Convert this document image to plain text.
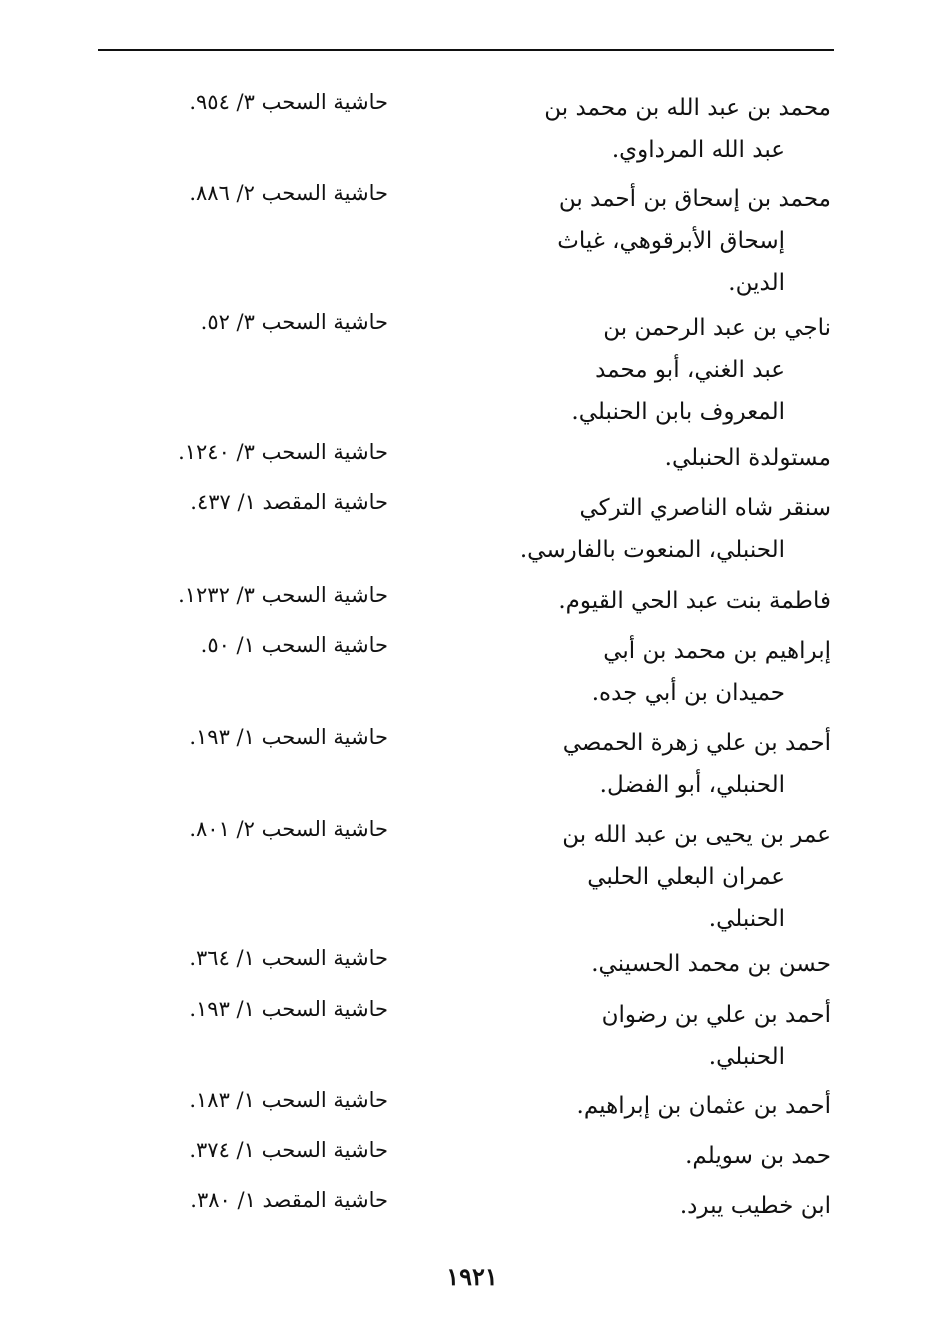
محمد بن عبد الله بن محمد بن
عبد الله المرداوي.
حاشية السحب ٣/ ٩٥٤.
محمد بن إسحاق بن أحمد بن
إسحاق الأبرقوهي، غياث
الدين.
حاشية السحب ٢/ ٨٨٦.
ناجي بن عبد الرحمن بن
عبد الغني، أبو محمد
المعروف بابن الحنبلي.
حاشية السحب ٣/ ٥٢.
مستولدة الحنبلي.
حاشية السحب ٣/ ١٢٤٠.
سنقر شاه الناصري التركي
الحنبلي، المنعوت بالفارسي.
حاشية المقصد ١/ ٤٣٧.
فاطمة بنت عبد الحي القيوم.
حاشية السحب ٣/ ١٢٣٢.
إبراهيم بن محمد بن أبي
حميدان بن أبي جده.
حاشية السحب ١/ ٥٠.
أحمد بن علي زهرة الحمصي
الحنبلي، أبو الفضل.
حاشية السحب ١/ ١٩٣.
عمر بن يحيى بن عبد الله بن
عمران البعلي الحلبي
الحنبلي.
حاشية السحب ٢/ ٨٠١.
حسن بن محمد الحسيني.
حاشية السحب ١/ ٣٦٤.
أحمد بن علي بن رضوان
الحنبلي.
حاشية السحب ١/ ١٩٣.
أحمد بن عثمان بن إبراهيم.
حاشية السحب ١/ ١٨٣.
حمد بن سويلم.
حاشية السحب ١/ ٣٧٤.
ابن خطيب يبرد.
حاشية المقصد ١/ ٣٨٠.
١٩٢١
